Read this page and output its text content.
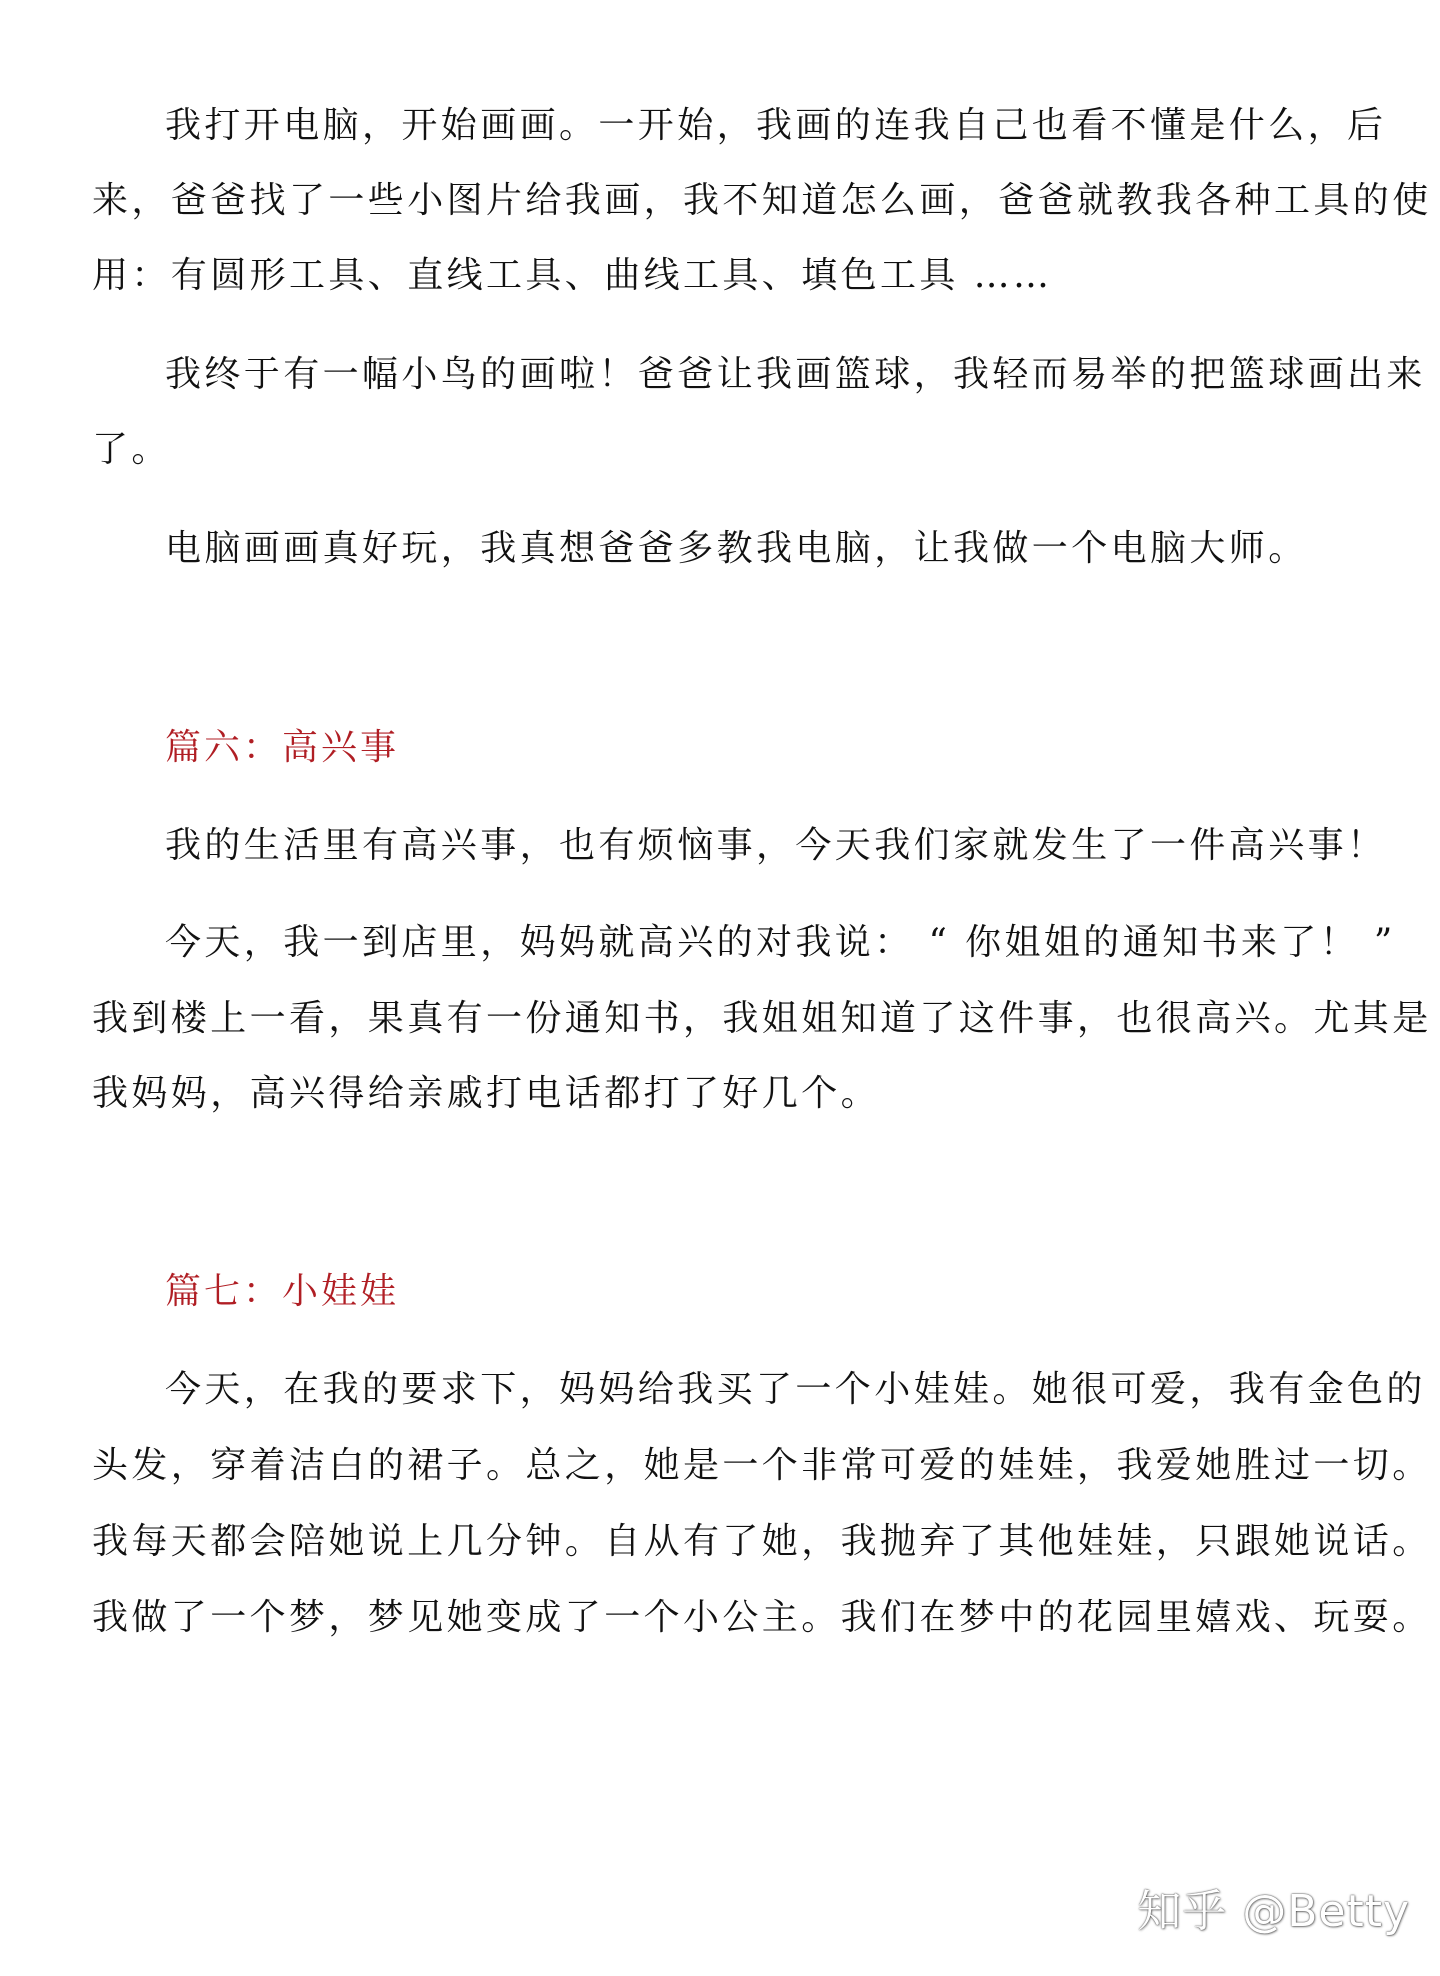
我打开电脑，开始画画。一开始，我画的连我自己也看不懂是什么，后
来，爸爸找了一些小图片给我画，我不知道怎么画，爸爸就教我各种工具的使
用：有圆形工具、直线工具、曲线工具、填色工具 ……
我终于有一幅小鸟的画啦！爸爸让我画篮球，我轻而易举的把篮球画出来
了。
电脑画画真好玩，我真想爸爸多教我电脑，让我做一个电脑大师。
篇六：高兴事
我的生活里有高兴事，也有烦恼事，今天我们家就发生了一件高兴事！
今天，我一到店里，妈妈就高兴的对我说： “ 你姐姐的通知书来了！ ”
我到楼上一看，果真有一份通知书，我姐姐知道了这件事，也很高兴。尤其是
我妈妈，高兴得给亲戚打电话都打了好几个。
篇七：小娃娃
今天，在我的要求下，妈妈给我买了一个小娃娃。她很可爱，我有金色的
头发，穿着洁白的裙子。总之，她是一个非常可爱的娃娃，我爱她胜过一切。
我每天都会陪她说上几分钟。自从有了她，我抛弃了其他娃娃，只跟她说话。
我做了一个梦，梦见她变成了一个小公主。我们在梦中的花园里嬉戏、玩耍。
知乎 @Betty
